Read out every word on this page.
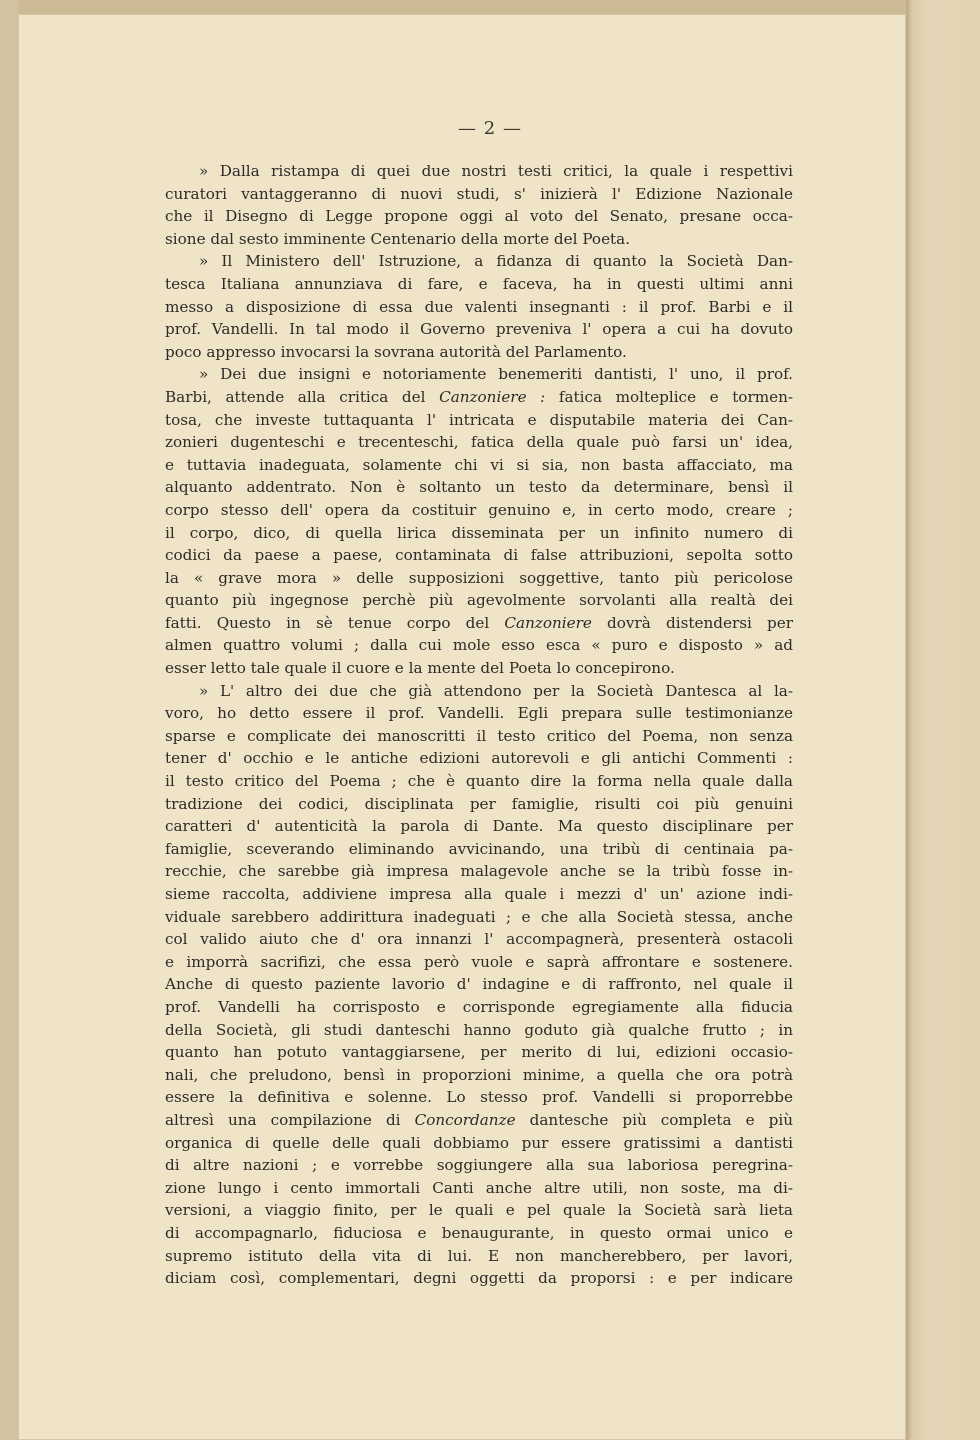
— 2 —
» Dalla ristampa di quei due nostri testi critici, la quale i respettivi
curatori vantaggeranno di nuovi studi, s' inizierà l' Edizione Nazionale
che il Disegno di Legge propone oggi al voto del Senato, presane occa-
sione dal sesto imminente Centenario della morte del Poeta.
» Il Ministero dell' Istruzione, a fidanza di quanto la Società Dan-
tesca Italiana annunziava di fare, e faceva, ha in questi ultimi anni
messo a disposizione di essa due valenti insegnanti : il prof. Barbi e il
prof. Vandelli. In tal modo il Governo preveniva l' opera a cui ha dovuto
poco appresso invocarsi la sovrana autorità del Parlamento.
» Dei due insigni e notoriamente benemeriti dantisti, l' uno, il prof.
Barbi, attende alla critica del Canzoniere : fatica molteplice e tormen-
tosa, che investe tuttaquanta l' intricata e disputabile materia dei Can-
zonieri dugenteschi e trecenteschi, fatica della quale può farsi un' idea,
e tuttavia inadeguata, solamente chi vi si sia, non basta affacciato, ma
alquanto addentrato. Non è soltanto un testo da determinare, bensì il
corpo stesso dell' opera da costituir genuino e, in certo modo, creare ;
il corpo, dico, di quella lirica disseminata per un infinito numero di
codici da paese a paese, contaminata di false attribuzioni, sepolta sotto
la « grave mora » delle supposizioni soggettive, tanto più pericolose
quanto più ingegnose perchè più agevolmente sorvolanti alla realtà dei
fatti. Questo in sè tenue corpo del Canzoniere dovrà distendersi per
almen quattro volumi ; dalla cui mole esso esca « puro e disposto » ad
esser letto tale quale il cuore e la mente del Poeta lo concepirono.
» L' altro dei due che già attendono per la Società Dantesca al la-
voro, ho detto essere il prof. Vandelli. Egli prepara sulle testimonianze
sparse e complicate dei manoscritti il testo critico del Poema, non senza
tener d' occhio e le antiche edizioni autorevoli e gli antichi Commenti :
il testo critico del Poema ; che è quanto dire la forma nella quale dalla
tradizione dei codici, disciplinata per famiglie, risulti coi più genuini
caratteri d' autenticità la parola di Dante. Ma questo disciplinare per
famiglie, sceverando eliminando avvicinando, una tribù di centinaia pa-
recchie, che sarebbe già impresa malagevole anche se la tribù fosse in-
sieme raccolta, addiviene impresa alla quale i mezzi d' un' azione indi-
viduale sarebbero addirittura inadeguati ; e che alla Società stessa, anche
col valido aiuto che d' ora innanzi l' accompagnerà, presenterà ostacoli
e imporrà sacrifizi, che essa però vuole e saprà affrontare e sostenere.
Anche di questo paziente lavorio d' indagine e di raffronto, nel quale il
prof. Vandelli ha corrisposto e corrisponde egregiamente alla fiducia
della Società, gli studi danteschi hanno goduto già qualche frutto ; in
quanto han potuto vantaggiarsene, per merito di lui, edizioni occasio-
nali, che preludono, bensì in proporzioni minime, a quella che ora potrà
essere la definitiva e solenne. Lo stesso prof. Vandelli si proporrebbe
altresì una compilazione di Concordanze dantesche più completa e più
organica di quelle delle quali dobbiamo pur essere gratissimi a dantisti
di altre nazioni ; e vorrebbe soggiungere alla sua laboriosa peregrina-
zione lungo i cento immortali Canti anche altre utili, non soste, ma di-
versioni, a viaggio finito, per le quali e pel quale la Società sarà lieta
di accompagnarlo, fiduciosa e benaugurante, in questo ormai unico e
supremo istituto della vita di lui. E non mancherebbero, per lavori,
diciam così, complementari, degni oggetti da proporsi : e per indicare
